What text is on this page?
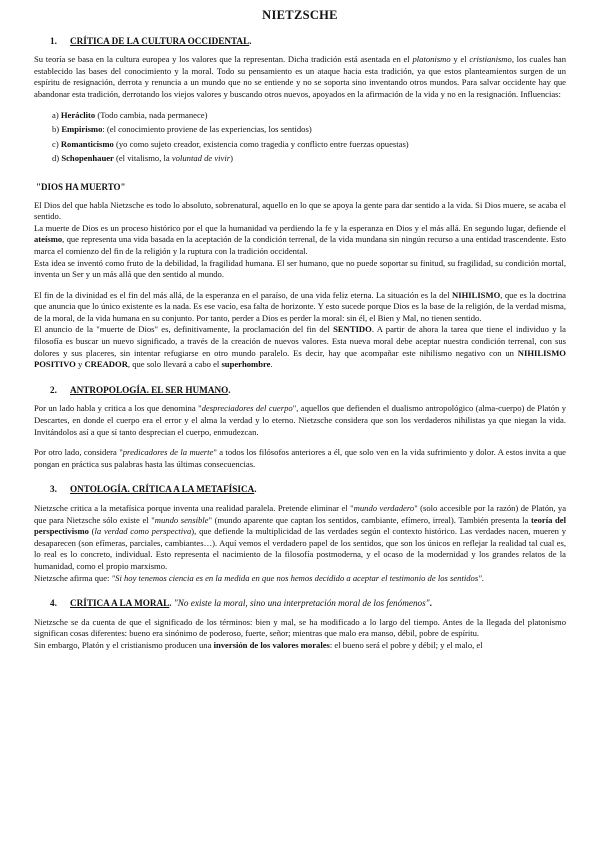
NIETZSCHE
1. CRÍTICA DE LA CULTURA OCCIDENTAL.

Su teoría se basa en la cultura europea y los valores que la representan. Dicha tradición está asentada en el platonismo y el cristianismo, los cuales han establecido las bases del conocimiento y la moral. Todo su pensamiento es un ataque hacia esta tradición, ya que estos planteamientos surgen de un espíritu de resignación, derrota y renuncia a un mundo que no se entiende y no se soporta sino inventando otros mundos. Para salvar occidente hay que abandonar esta tradición, derrotando los viejos valores y buscando otros nuevos, apoyados en la afirmación de la vida y no en la resignación. Influencias:

a) Heráclito (Todo cambia, nada permanece)
b) Empirismo: (el conocimiento proviene de las experiencias, los sentidos)
c) Romanticismo (yo como sujeto creador, existencia como tragedia y conflicto entre fuerzas opuestas)
d) Schopenhauer (el vitalismo, la voluntad de vivir)
"DIOS HA MUERTO"

El Dios del que habla Nietzsche es todo lo absoluto, sobrenatural, aquello en lo que se apoya la gente para dar sentido a la vida. Si Dios muere, se acaba el sentido.

La muerte de Dios es un proceso histórico por el que la humanidad va perdiendo la fe y la esperanza en Dios y el más allá. En segundo lugar, defiende el ateísmo, que representa una vida basada en la aceptación de la condición terrenal, de la vida mundana sin ningún recurso a una entidad trascendente. Esto marca el comienzo del fin de la religión y la ruptura con la tradición occidental.

Esta idea se inventó como fruto de la debilidad, la fragilidad humana. El ser humano, que no puede soportar su finitud, su fragilidad, su condición mortal, inventa un Ser y un más allá que den sentido al mundo.

El fin de la divinidad es el fin del más allá, de la esperanza en el paraíso, de una vida feliz eterna. La situación es la del NIHILISMO, que es la doctrina que anuncia que lo único existente es la nada. Es ese vacío, esa falta de horizonte. Y esto sucede porque Dios es la base de la religión, de la verdad misma, de la moral, de la vida humana en su conjunto. Por tanto, perder a Dios es perder la moral: sin él, el Bien y Mal, no tienen sentido.

El anuncio de la "muerte de Dios" es, definitivamente, la proclamación del fin del SENTIDO. A partir de ahora la tarea que tiene el individuo y la filosofía es buscar un nuevo significado, a través de la creación de nuevos valores. Esta nueva moral debe aceptar nuestra condición terrenal, con sus dolores y sus placeres, sin intentar refugiarse en otro mundo paralelo. Es decir, hay que acompañar este nihilismo negativo con un NIHILISMO POSITIVO y CREADOR, que solo llevará a cabo el superhombre.

2. ANTROPOLOGÍA. EL SER HUMANO.

Por un lado habla y critica a los que denomina "despreciadores del cuerpo", aquellos que defienden el dualismo antropológico (alma-cuerpo) de Platón y Descartes, en donde el cuerpo era el error y el alma la verdad y lo eterno. Nietzsche considera que son los verdaderos nihilistas ya que niegan la vida. Invitándolos así a que sí tanto desprecian el cuerpo, enmudezcan.

Por otro lado, considera "predicadores de la muerte" a todos los filósofos anteriores a él, que solo ven en la vida sufrimiento y dolor. A estos invita a que pongan en práctica sus palabras hasta las últimas consecuencias.

3. ONTOLOGÍA. CRÍTICA A LA METAFÍSICA.

Nietzsche critica a la metafísica porque inventa una realidad paralela. Pretende eliminar el "mundo verdadero" (solo accesible por la razón) de Platón, ya que para Nietzsche sólo existe el "mundo sensible" (mundo aparente que captan los sentidos, cambiante, efímero, irreal). También presenta la teoría del perspectivismo (la verdad como perspectiva), que defiende la multiplicidad de las verdades según el contexto histórico. Las verdades nacen, mueren y desaparecen (son efímeras, parciales, cambiantes…). Aquí vemos el verdadero papel de los sentidos, que son los únicos en reflejar la realidad tal cual es, lo real es lo concreto, individual. Esto representa el nacimiento de la filosofía postmoderna, y el ocaso de la modernidad y los grandes relatos de la humanidad, como el propio marxismo.

Nietzsche afirma que: "Si hoy tenemos ciencia es en la medida en que nos hemos decidido a aceptar el testimonio de los sentidos".

4. CRÍTICA A LA MORAL. "No existe la moral, sino una interpretación moral de los fenómenos".

Nietzsche se da cuenta de que el significado de los términos: bien y mal, se ha modificado a lo largo del tiempo. Antes de la llegada del platonismo significan cosas diferentes: bueno era sinónimo de poderoso, fuerte, señor; mientras que malo era manso, débil, pobre de espíritu.

Sin embargo, Platón y el cristianismo producen una inversión de los valores morales: el bueno será el pobre y débil; y el malo, el
